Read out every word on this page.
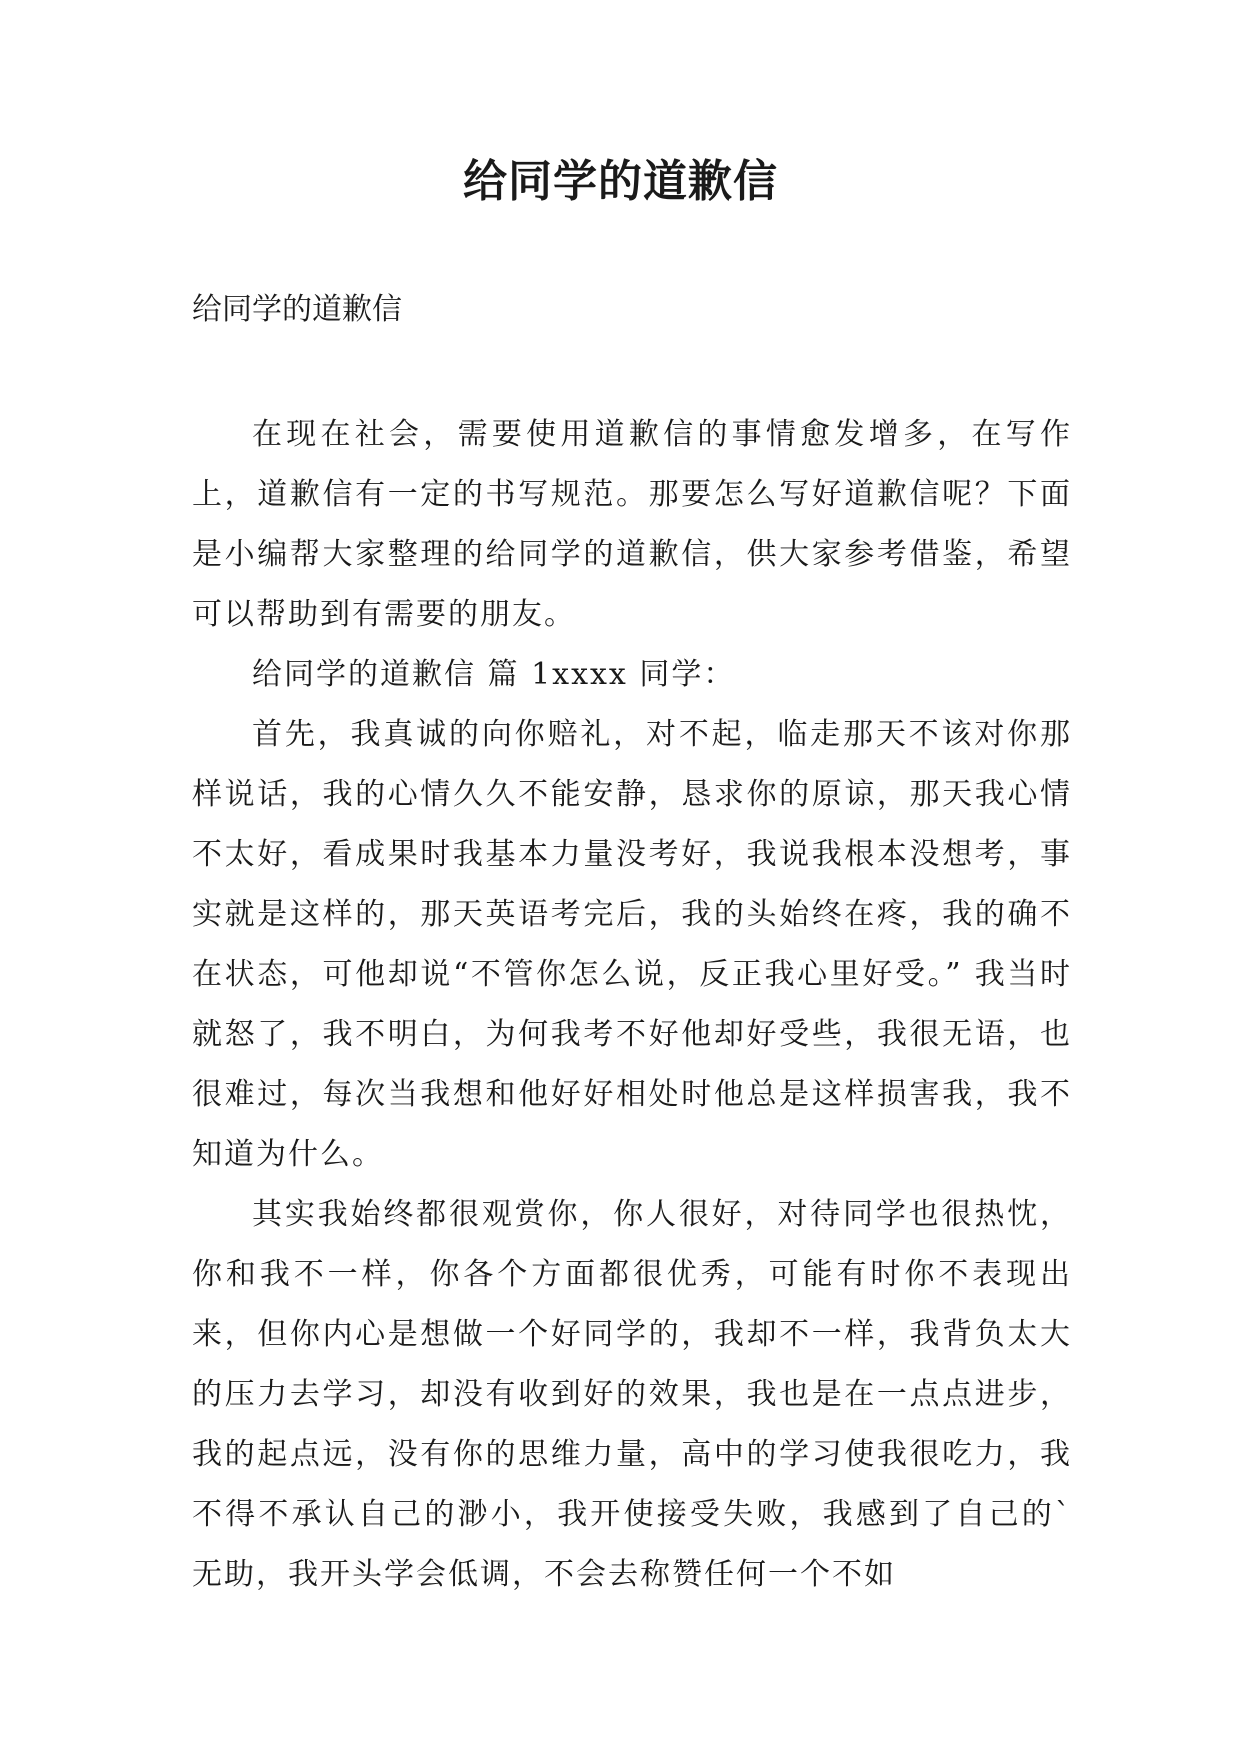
给同学的道歉信
给同学的道歉信

在现在社会，需要使用道歉信的事情愈发增多，在写作上，道歉信有一定的书写规范。那要怎么写好道歉信呢？下面是小编帮大家整理的给同学的道歉信，供大家参考借鉴，希望可以帮助到有需要的朋友。

给同学的道歉信 篇 1xxxx 同学：

首先，我真诚的向你赔礼，对不起，临走那天不该对你那样说话，我的心情久久不能安静，恳求你的原谅，那天我心情不太好，看成果时我基本力量没考好，我说我根本没想考，事实就是这样的，那天英语考完后，我的头始终在疼，我的确不在状态，可他却说“不管你怎么说，反正我心里好受。” 我当时就怒了，我不明白，为何我考不好他却好受些，我很无语，也很难过，每次当我想和他好好相处时他总是这样损害我，我不知道为什么。

其实我始终都很观赏你，你人很好，对待同学也很热忱，你和我不一样，你各个方面都很优秀，可能有时你不表现出来，但你内心是想做一个好同学的，我却不一样，我背负太大的压力去学习，却没有收到好的效果，我也是在一点点进步，我的起点远，没有你的思维力量，高中的学习使我很吃力，我不得不承认自己的渺小，我开使接受失败，我感到了自己的`无助，我开头学会低调，不会去称赞任何一个不如
